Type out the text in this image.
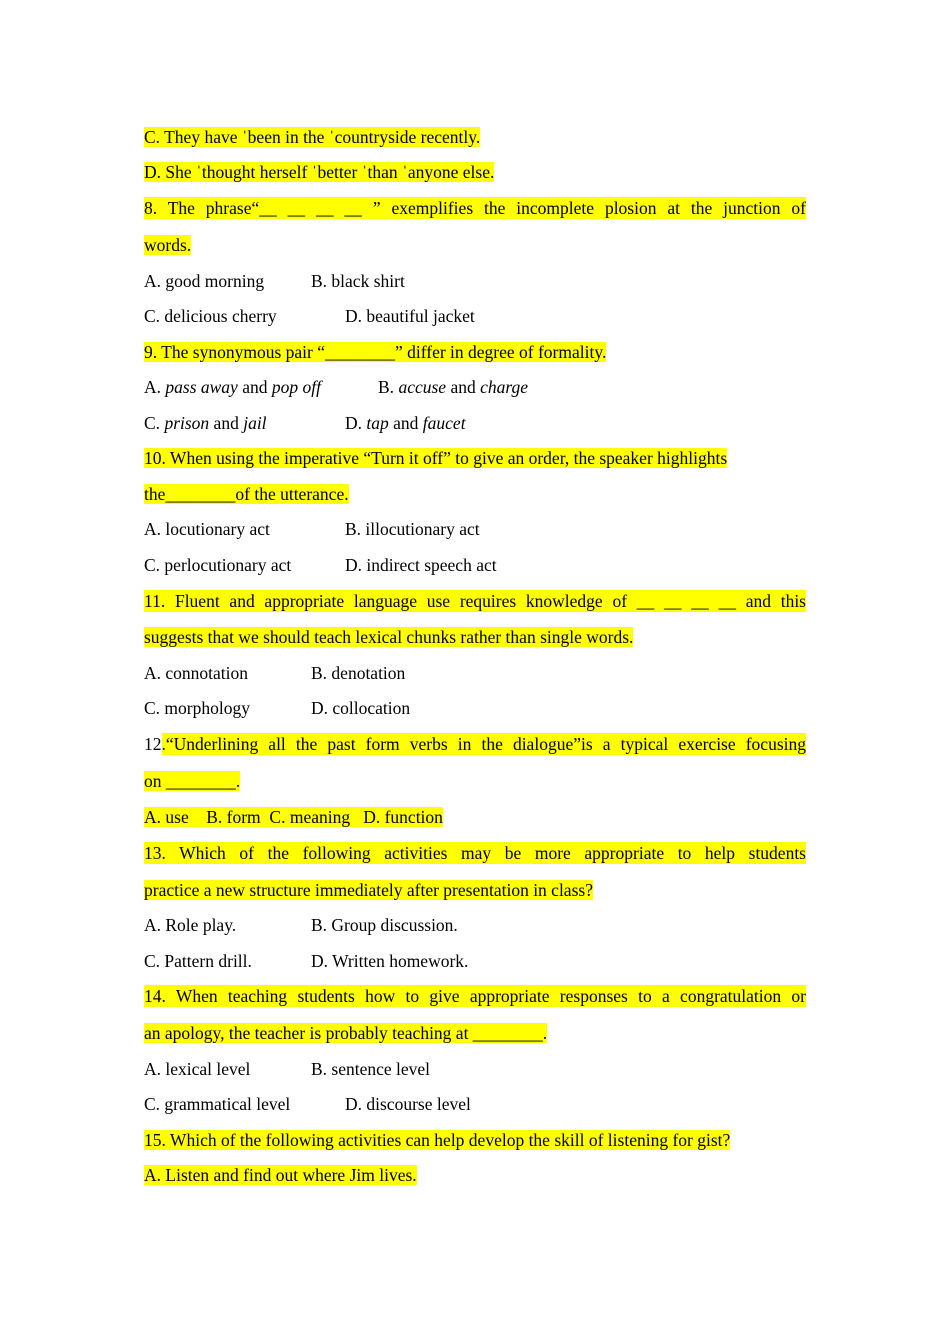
C. They have ˈbeen in the ˈcountryside recently.
D. She ˈthought herself ˈbetter ˈthan ˈanyone else.
8. The phrase“__ __ __ __ ” exemplifies the incomplete plosion at the junction of
words.
A. good morning	B. black shirt
C. delicious cherry	D. beautiful jacket
9. The synonymous pair “________” differ in degree of formality.
A. pass away and pop off	B. accuse and charge
C. prison and jail	D. tap and faucet
10. When using the imperative “Turn it off” to give an order, the speaker highlights
the________of the utterance.
A. locutionary act	B. illocutionary act
C. perlocutionary act	D. indirect speech act
11. Fluent and appropriate language use requires knowledge of __ __ __ __ and this
suggests that we should teach lexical chunks rather than single words.
A. connotation	B. denotation
C. morphology	D. collocation
12 .“Underlining all the past form verbs in the dialogue”is a typical exercise focusing
on ________.
A. use    B. form  C. meaning   D. function
13. Which of the following activities may be more appropriate to help students
practice a new structure immediately after presentation in class?
A. Role play.	B. Group discussion.
C. Pattern drill.	D. Written homework.
14. When teaching students how to give appropriate responses to a congratulation or
an apology, the teacher is probably teaching at ________.
A. lexical level	B. sentence level
C. grammatical level	D. discourse level
15. Which of the following activities can help develop the skill of listening for gist?
A. Listen and find out where Jim lives.
